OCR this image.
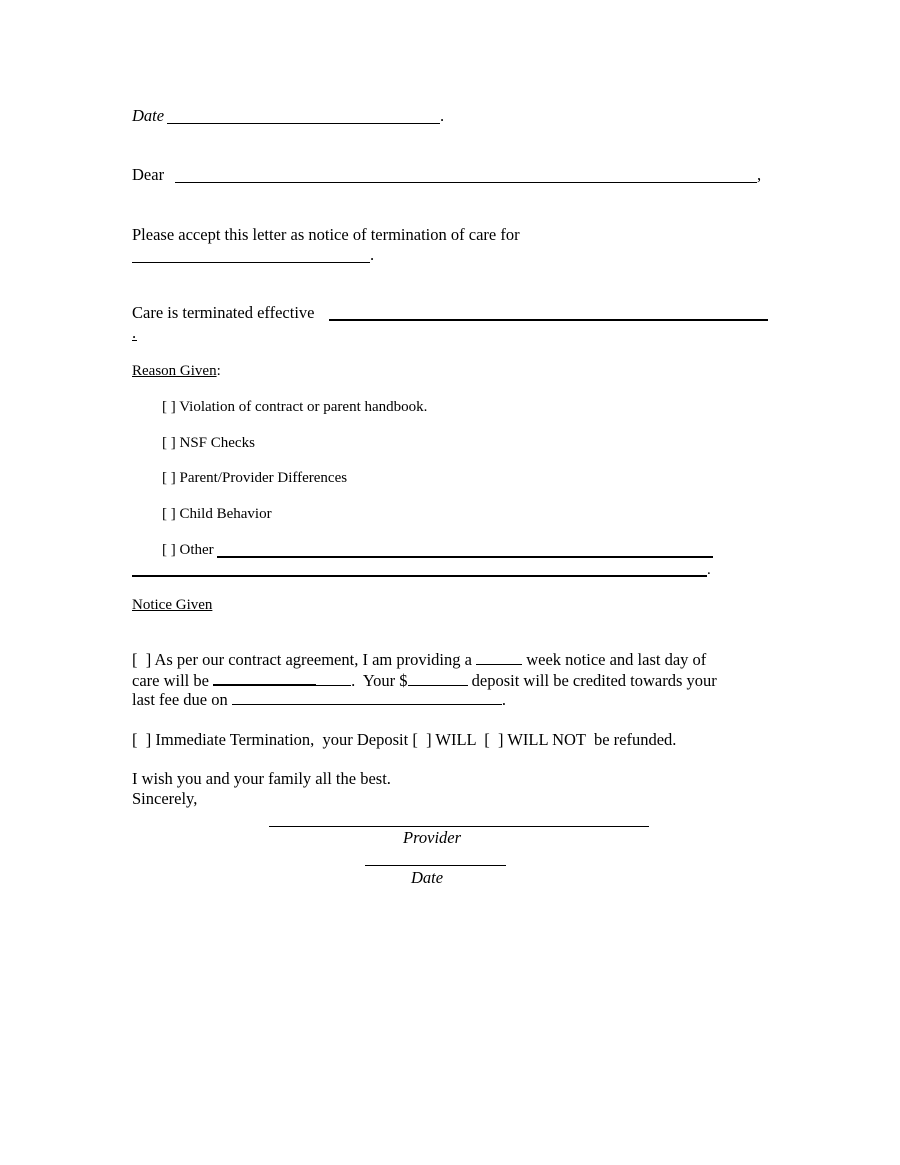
Date	.
Dear	,
Please accept this letter as notice of termination of care for
.
Care is terminated effective
.
Reason Given:
[ ] Violation of contract or parent handbook.
[ ] NSF Checks
[ ] Parent/Provider Differences
[ ] Child Behavior
[ ] Other
.
Notice Given
[  ] As per our contract agreement, I am providing a	week notice and last day of
care will be	.  Your $	deposit will be credited towards your
last fee due on	.
[  ] Immediate Termination,  your Deposit [  ] WILL  [  ] WILL NOT  be refunded.
I wish you and your family all the best.
Sincerely,
Provider
Date
